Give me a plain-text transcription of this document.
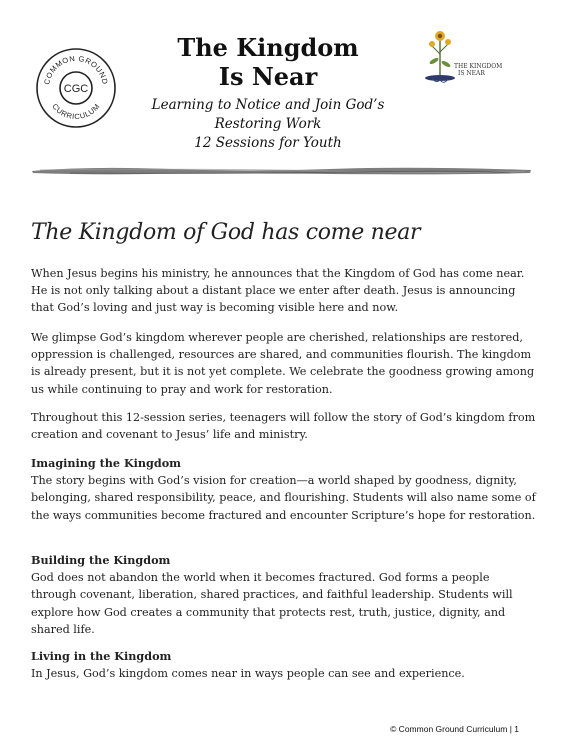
COMMON GROUND
CURRICULUM
CGC
The Kingdom
Is Near
Learning to Notice and Join God’s
Restoring Work
12 Sessions for Youth
THE KINGDOM
IS NEAR
The Kingdom of God has come near

When Jesus begins his ministry, he announces that the Kingdom of God has come near. He is not only talking about a distant place we enter after death. Jesus is announcing that God’s loving and just way is becoming visible here and now.

We glimpse God’s kingdom wherever people are cherished, relationships are restored, oppression is challenged, resources are shared, and communities flourish. The kingdom is already present, but it is not yet complete. We celebrate the goodness growing among us while continuing to pray and work for restoration.

Throughout this 12-session series, teenagers will follow the story of God’s kingdom from creation and covenant to Jesus’ life and ministry.

Imagining the Kingdom

The story begins with God’s vision for creation—a world shaped by goodness, dignity, belonging, shared responsibility, peace, and flourishing. Students will also name some of the ways communities become fractured and encounter Scripture’s hope for restoration.

Building the Kingdom

God does not abandon the world when it becomes fractured. God forms a people through covenant, liberation, shared practices, and faithful leadership. Students will explore how God creates a community that protects rest, truth, justice, dignity, and shared life.

Living in the Kingdom

In Jesus, God’s kingdom comes near in ways people can see and experience.

© Common Ground Curriculum | 1
